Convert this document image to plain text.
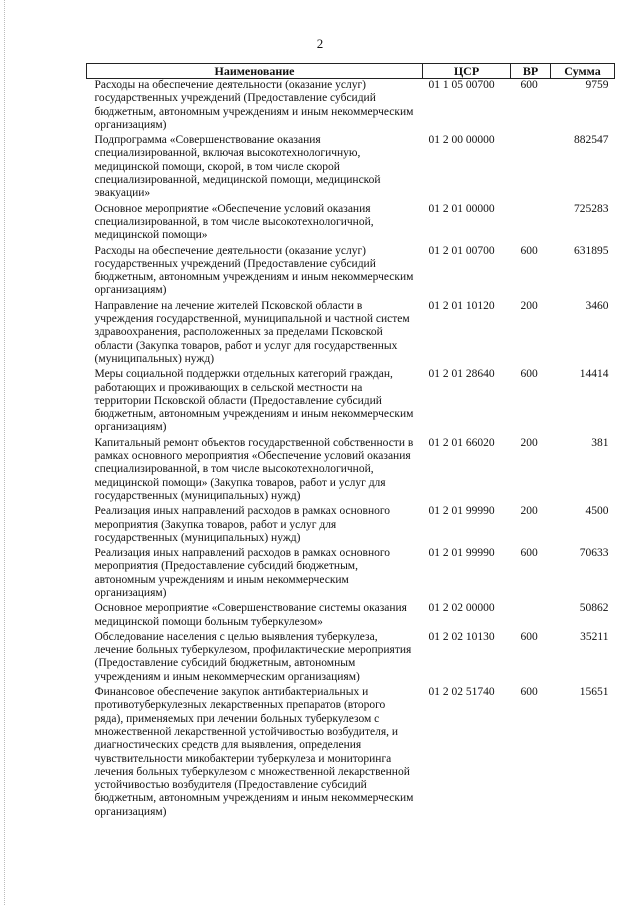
2
Наименование	ЦСР	ВР	Сумма
Расходы на обеспечение деятельности (оказание услуг) государственных учреждений (Предоставление субсидий бюджетным, автономным учреждениям и иным некоммерческим организациям)	01 1 05 00700	600	9759
Подпрограмма «Совершенствование оказания специализированной, включая высокотехнологичную, медицинской помощи, скорой, в том числе скорой специализированной, медицинской помощи, медицинской эвакуации»	01 2 00 00000		882547
Основное мероприятие «Обеспечение условий оказания специализированной, в том числе высокотехнологичной, медицинской помощи»	01 2 01 00000		725283
Расходы на обеспечение деятельности (оказание услуг) государственных учреждений (Предоставление субсидий бюджетным, автономным учреждениям и иным некоммерческим организациям)	01 2 01 00700	600	631895
Направление на лечение жителей Псковской области в учреждения государственной, муниципальной и частной систем здравоохранения, расположенных за пределами Псковской области (Закупка товаров, работ и услуг для государственных (муниципальных) нужд)	01 2 01 10120	200	3460
Меры социальной поддержки отдельных категорий граждан, работающих и проживающих в сельской местности на территории Псковской области (Предоставление субсидий бюджетным, автономным учреждениям и иным некоммерческим организациям)	01 2 01 28640	600	14414
Капитальный ремонт объектов государственной собственности в рамках основного мероприятия «Обеспечение условий оказания специализированной, в том числе высокотехнологичной, медицинской помощи» (Закупка товаров, работ и услуг для государственных (муниципальных) нужд)	01 2 01 66020	200	381
Реализация иных направлений расходов в рамках основного мероприятия (Закупка товаров, работ и услуг для государственных (муниципальных) нужд)	01 2 01 99990	200	4500
Реализация иных направлений расходов в рамках основного мероприятия (Предоставление субсидий бюджетным, автономным учреждениям и иным некоммерческим организациям)	01 2 01 99990	600	70633
Основное мероприятие «Совершенствование системы оказания медицинской помощи больным туберкулезом»	01 2 02 00000		50862
Обследование населения с целью выявления туберкулеза, лечение больных туберкулезом, профилактические мероприятия (Предоставление субсидий бюджетным, автономным учреждениям и иным некоммерческим организациям)	01 2 02 10130	600	35211
Финансовое обеспечение закупок антибактериальных и противотуберкулезных лекарственных препаратов (второго ряда), применяемых при лечении больных туберкулезом с множественной лекарственной устойчивостью возбудителя, и диагностических средств для выявления, определения чувствительности микобактерии туберкулеза и мониторинга лечения больных туберкулезом с множественной лекарственной устойчивостью возбудителя (Предоставление субсидий бюджетным, автономным учреждениям и иным некоммерческим организациям)	01 2 02 51740	600	15651
